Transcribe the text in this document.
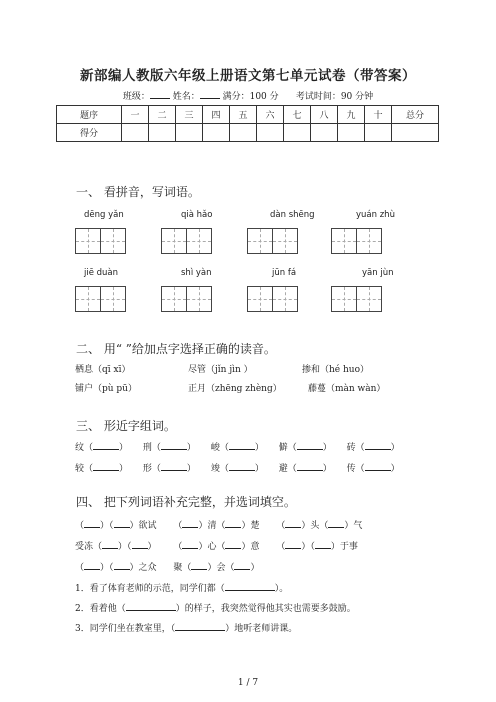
新部编人教版六年级上册语文第七单元试卷（带答案）
班级：	姓名：	满分：100 分 考试时间：90 分钟
题序	一	二	三	四	五	六	七	八	九	十	总分
得分											
一、 看拼音，写词语。
dēng yǎn	qià hǎo	dàn shēng	yuán zhù
jiē duàn	shì yàn	jūn fá	yān jùn
二、 用“ ”给加点字选择正确的读音。
栖息（qī xī）	尽管（jǐn jìn ）	掺和（hé huo）
铺户（pù pū）	正月（zhēng zhèng）	藤蔓（màn wàn）
三、 形近字组词。
纹（	） 刑（	） 峻（	） 僻（	） 砖（	）
较（	） 形（	） 竣（	） 避（	） 传（	）
四、 把下列词语补充完整，并选词填空。
（ ）（ ）欲试 （ ）清（ ）楚 （ ）头（ ）气
受冻（ ）（ ） （ ）心（ ）意 （ ）（ ）于事
（ ）（ ）之众 聚（ ）会（ ）
1．看了体育老师的示范，同学们都（	）。
2．看着他（	）的样子，我突然觉得他其实也需要多鼓励。
3．同学们坐在教室里，（	）地听老师讲课。
1 / 7
